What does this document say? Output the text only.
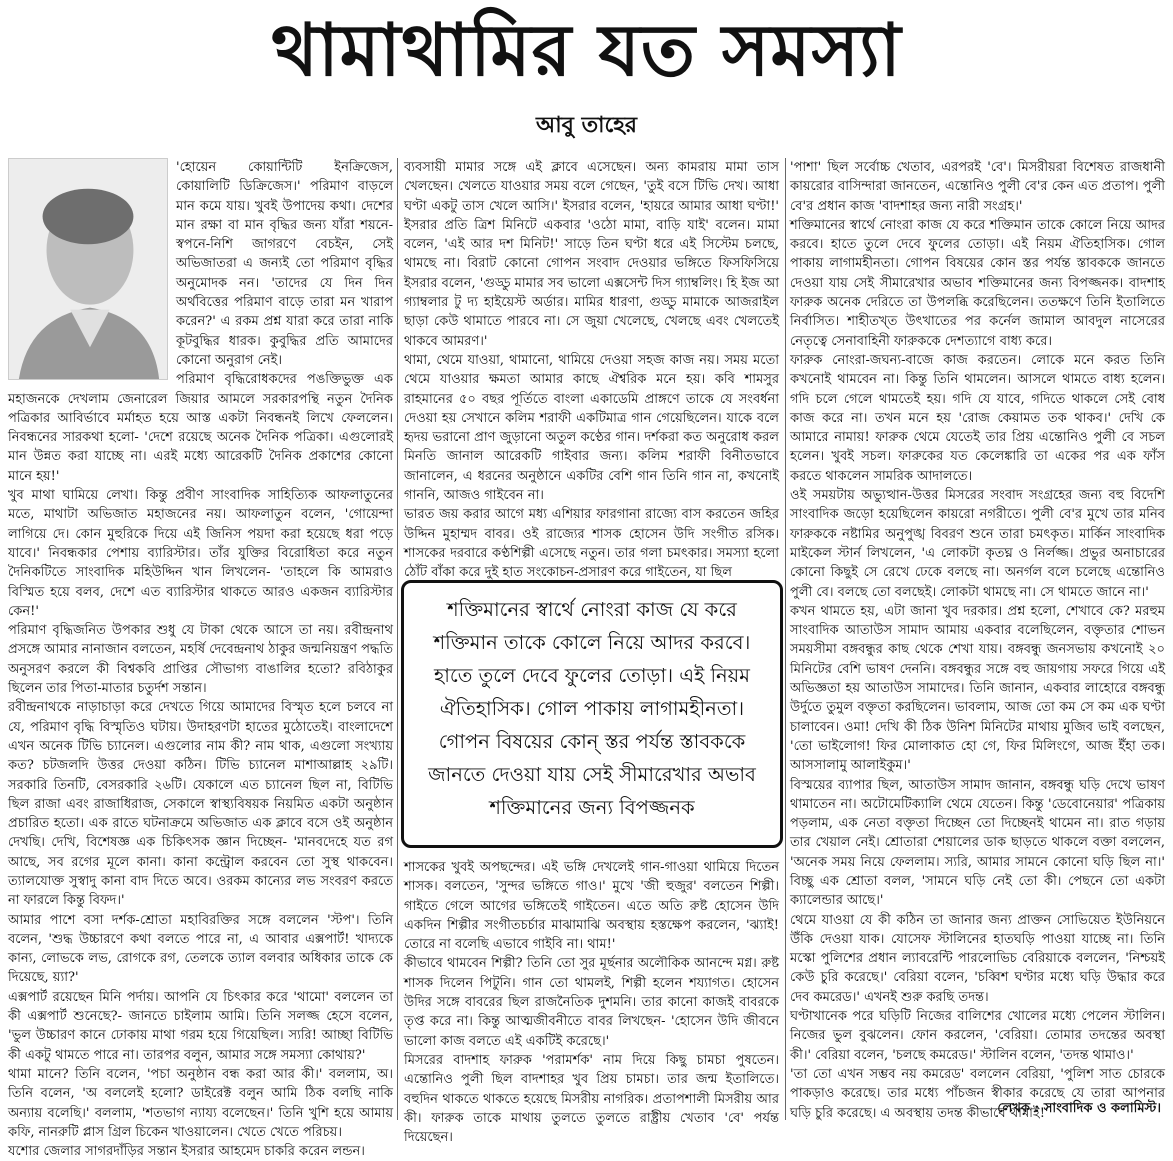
থামাথামির যত সমস্যা
আবু তাহের

'হোয়েন কোয়ান্টিটি ইনক্রিজেস, কোয়ালিটি ডিক্রিজেস।' পরিমাণ বাড়লে মান কমে যায়। খুবই উপাদেয় কথা। দেশের মান রক্ষা বা মান বৃদ্ধির জন্য যাঁরা শয়নে-স্বপনে-নিশি জাগরণে বেচইন, সেই অভিজাতরা এ জন্যই তো পরিমাণ বৃদ্ধির অনুমোদক নন। 'তাদের যে দিন দিন অর্থবিত্তের পরিমাণ বাড়ে তারা মন খারাপ করেন?' এ রকম প্রশ্ন যারা করে তারা নাকি কূটবুদ্ধির ধারক। কুবুদ্ধির প্রতি আমাদের কোনো অনুরাগ নেই।

পরিমাণ বৃদ্ধিরোধকদের পঙক্তিভুক্ত এক মহাজনকে দেখলাম জেনারেল জিয়ার আমলে সরকারপন্থি নতুন দৈনিক পত্রিকার আবির্ভাবে মর্মাহত হয়ে আস্ত একটা নিবন্ধনই লিখে ফেললেন। নিবন্ধনের সারকথা হলো- 'দেশে রয়েছে অনেক দৈনিক পত্রিকা। এগুলোরই মান উন্নত করা যাচ্ছে না। এরই মধ্যে আরেকটি দৈনিক প্রকাশের কোনো মানে হয়!'

খুব মাথা ঘামিয়ে লেখা। কিন্তু প্রবীণ সাংবাদিক সাহিত্যিক আফলাতুনের মতে, মাথাটা অভিজাত মহাজনের নয়। আফলাতুন বলেন, 'গোয়েন্দা লাগিয়ে দে। কোন মুহুরিকে দিয়ে এই জিনিস পয়দা করা হয়েছে ধরা পড়ে যাবে।' নিবন্ধকার পেশায় ব্যারিস্টার। তাঁর যুক্তির বিরোধিতা করে নতুন দৈনিকটিতে সাংবাদিক মহিউদ্দিন খান লিখলেন- 'তাহলে কি আমরাও বিস্মিত হয়ে বলব, দেশে এত ব্যারিস্টার থাকতে আরও একজন ব্যারিস্টার কেন!'

পরিমাণ বৃদ্ধিজনিত উপকার শুধু যে টাকা থেকে আসে তা নয়। রবীন্দ্রনাথ প্রসঙ্গে আমার নানাজান বলতেন, মহর্ষি দেবেন্দ্রনাথ ঠাকুর জন্মনিয়ন্ত্রণ পদ্ধতি অনুসরণ করলে কী বিশ্বকবি প্রাপ্তির সৌভাগ্য বাঙালির হতো? রবিঠাকুর ছিলেন তার পিতা-মাতার চতুর্দশ সন্তান।

রবীন্দ্রনাথকে নাড়াচাড়া করে দেখতে গিয়ে আমাদের বিস্মৃত হলে চলবে না যে, পরিমাণ বৃদ্ধি বিস্মৃতিও ঘটায়। উদাহরণটা হাতের মুঠোতেই। বাংলাদেশে এখন অনেক টিভি চ্যানেল। এগুলোর নাম কী? নাম থাক, এগুলো সংখ্যায় কত? চটজলদি উত্তর দেওয়া কঠিন। টিভি চ্যানেল মাশাআল্লাহ ২৯টি। সরকারি তিনটি, বেসরকারি ২৬টি। যেকালে এত চ্যানেল ছিল না, বিটিভি ছিল রাজা এবং রাজাধিরাজ, সেকালে স্বাস্থ্যবিষয়ক নিয়মিত একটা অনুষ্ঠান প্রচারিত হতো। এক রাতে ঘটনাক্রমে অভিজাত এক ক্লাবে বসে ওই অনুষ্ঠান দেখছি। দেখি, বিশেষজ্ঞ এক চিকিৎসক জ্ঞান দিচ্ছেন- 'মানবদেহে যত রগ আছে, সব রগের মূলে কানা। কানা কন্ট্রোল করবেন তো সুস্থ থাকবেন। ত্যালযোক্ত সুস্বাদু কানা বাদ দিতে অবে। ওরকম কান্যের লভ সংবরণ করতে না ফারলে কিন্তু বিফদ।'

আমার পাশে বসা দর্শক-শ্রোতা মহাবিরক্তির সঙ্গে বললেন 'স্টপ'। তিনি বলেন, 'শুদ্ধ উচ্চারণে কথা বলতে পারে না, এ আবার এক্সপার্ট! খাদ্যকে কান্য, লোভকে লভ, রোগকে রগ, তেলকে ত্যাল বলবার অধিকার তাকে কে দিয়েছে, য়্যা?'

এক্সপার্ট রয়েছেন মিনি পর্দায়। আপনি যে চিৎকার করে 'থামো' বললেন তা কী এক্সপার্ট শুনেছে?- জানতে চাইলাম আমি। তিনি সলজ্জ হেসে বলেন, 'ভুল উচ্চারণ কানে ঢোকায় মাথা গরম হয়ে গিয়েছিল। স্যরি! আচ্ছা বিটিভি কী একটু থামতে পারে না। তারপর বলুন, আমার সঙ্গে সমস্যা কোথায়?'

থামা মানে? তিনি বলেন, 'পচা অনুষ্ঠান বন্ধ করা আর কী।' বললাম, অ। তিনি বলেন, 'অ বললেই হলো? ডাইরেক্ট বলুন আমি ঠিক বলছি নাকি অন্যায় বলেছি।' বললাম, 'শতভাগ ন্যায্য বলেছেন।' তিনি খুশি হয়ে আমায় কফি, নানরুটি প্লাস গ্রিল চিকেন খাওয়ালেন। খেতে খেতে পরিচয়।

যশোর জেলার সাগরদাঁড়ির সন্তান ইসরার আহমেদ চাকরি করেন লন্ডন।

ব্যবসায়ী মামার সঙ্গে এই ক্লাবে এসেছেন। অন্য কামরায় মামা তাস খেলছেন। খেলতে যাওয়ার সময় বলে গেছেন, 'তুই বসে টিভি দেখ। আধা ঘণ্টা একটু তাস খেলে আসি।' ইসরার বলেন, 'হায়রে আমার আধা ঘণ্টা!' ইসরার প্রতি ত্রিশ মিনিটে একবার 'ওঠো মামা, বাড়ি যাই' বলেন। মামা বলেন, 'এই আর দশ মিনিট!' সাড়ে তিন ঘণ্টা ধরে এই সিস্টেম চলছে, থামছে না। বিরাট কোনো গোপন সংবাদ দেওয়ার ভঙ্গিতে ফিসফিসিয়ে ইসরার বলেন, 'গুড্ডু মামার সব ভালো এক্সসেন্ট দিস গ্যাম্বলিং। হি ইজ আ গ্যাম্বলার টু দ্য হাইয়েস্ট অর্ডার। মামির ধারণা, গুড্ডু মামাকে আজরাইল ছাড়া কেউ থামাতে পারবে না। সে জুয়া খেলেছে, খেলছে এবং খেলতেই থাকবে আমরণ।'

থামা, থেমে যাওয়া, থামানো, থামিয়ে দেওয়া সহজ কাজ নয়। সময় মতো থেমে যাওয়ার ক্ষমতা আমার কাছে ঐশ্বরিক মনে হয়। কবি শামসুর রাহমানের ৫০ বছর পূর্তিতে বাংলা একাডেমি প্রাঙ্গণে তাকে যে সংবর্ধনা দেওয়া হয় সেখানে কলিম শরাফী একটিমাত্র গান গেয়েছিলেন। যাকে বলে হৃদয় ভরানো প্রাণ জুড়ানো অতুল কণ্ঠের গান। দর্শকরা কত অনুরোধ করল মিনতি জানাল আরেকটি গাইবার জন্য। কলিম শরাফী বিনীতভাবে জানালেন, এ ধরনের অনুষ্ঠানে একটির বেশি গান তিনি গান না, কখনোই গাননি, আজও গাইবেন না।

ভারত জয় করার আগে মধ্য এশিয়ার ফারগানা রাজ্যে বাস করতেন জহির উদ্দিন মুহাম্মদ বাবর। ওই রাজ্যের শাসক হোসেন উদি সংগীত রসিক। শাসকের দরবারে কণ্ঠশিল্পী এসেছে নতুন। তার গলা চমৎকার। সমস্যা হলো ঠোঁট বাঁকা করে দুই হাত সংকোচন-প্রসারণ করে গাইতেন, যা ছিল

শাসকের খুবই অপছন্দের। এই ভঙ্গি দেখলেই গান-গাওয়া থামিয়ে দিতেন শাসক। বলতেন, 'সুন্দর ভঙ্গিতে গাও।' মুখে 'জী হুজুর' বলতেন শিল্পী। গাইতে গেলে আগের ভঙ্গিতেই গাইতেন। এতে অতি রুষ্ট হোসেন উদি একদিন শিল্পীর সংগীতচর্চার মাঝামাঝি অবস্থায় হস্তক্ষেপ করলেন, 'ঝ্যাই! তোরে না বলেছি এভাবে গাইবি না। থাম!'

কীভাবে থামবেন শিল্পী? তিনি তো সুর মূর্ছনার অলৌকিক আনন্দে মগ্ন। রুষ্ট শাসক দিলেন পিটুনি। গান তো থামলই, শিল্পী হলেন শয্যাগত। হোসেন উদির সঙ্গে বাবরের ছিল রাজনৈতিক দুশমনি। তার কানো কাজই বাবরকে তৃপ্ত করে না। কিন্তু আত্মজীবনীতে বাবর লিখছেন- 'হোসেন উদি জীবনে ভালো কাজ বলতে এই একটিই করেছে।'

মিসরের বাদশাহ ফারুক 'পরামর্শক' নাম দিয়ে কিছু চামচা পুষতেন। এন্তোনিও পুলী ছিল বাদশাহর খুব প্রিয় চামচা। তার জন্ম ইতালিতে। বহুদিন থাকতে থাকতে হয়েছে মিসরীয় নাগরিক। প্রতাপশালী মিসরীয় আর কী। ফারুক তাকে মাথায় তুলতে তুলতে রাষ্ট্রীয় খেতাব 'বে' পর্যন্ত দিয়েছেন।

শক্তিমানের স্বার্থে নোংরা কাজ যে করে শক্তিমান তাকে কোলে নিয়ে আদর করবে। হাতে তুলে দেবে ফুলের তোড়া। এই নিয়ম ঐতিহাসিক। গোল পাকায় লাগামহীনতা। গোপন বিষয়ের কোন্ স্তর পর্যন্ত স্তাবককে জানতে দেওয়া যায় সেই সীমারেখার অভাব শক্তিমানের জন্য বিপজ্জনক

'পাশা' ছিল সর্বোচ্চ খেতাব, এরপরই 'বে'। মিসরীয়রা বিশেষত রাজধানী কায়রোর বাসিন্দারা জানতেন, এন্তোনিও পুলী বে'র কেন এত প্রতাপ। পুলী বে'র প্রধান কাজ 'বাদশাহর জন্য নারী সংগ্রহ।'

শক্তিমানের স্বার্থে নোংরা কাজ যে করে শক্তিমান তাকে কোলে নিয়ে আদর করবে। হাতে তুলে দেবে ফুলের তোড়া। এই নিয়ম ঐতিহাসিক। গোল পাকায় লাগামহীনতা। গোপন বিষয়ের কোন স্তর পর্যন্ত স্তাবককে জানতে দেওয়া যায় সেই সীমারেখার অভাব শক্তিমানের জন্য বিপজ্জনক। বাদশাহ ফারুক অনেক দেরিতে তা উপলব্ধি করেছিলেন। ততক্ষণে তিনি ইতালিতে নির্বাসিত। শাহীতখ্ত উৎখাতের পর কর্নেল জামাল আবদুল নাসেরের নেতৃত্বে সেনাবাহিনী ফারুককে দেশত্যাগে বাধ্য করে।

ফারুক নোংরা-জঘন্য-বাজে কাজ করতেন। লোকে মনে করত তিনি কখনোই থামবেন না। কিন্তু তিনি থামলেন। আসলে থামতে বাধ্য হলেন। গদি চলে গেলে থামতেই হয়। গদি যে যাবে, গদিতে থাকলে সেই বোধ কাজ করে না। তখন মনে হয় 'রোজ কেয়ামত তক থাকব।' দেখি কে আমারে নামায়! ফারুক থেমে যেতেই তার প্রিয় এন্তোনিও পুলী বে সচল হলেন। খুবই সচল। ফারুকের যত কেলেঙ্কারি তা একের পর এক ফাঁস করতে থাকলেন সামরিক আদালতে।

ওই সময়টায় অভ্যুত্থান-উত্তর মিসরের সংবাদ সংগ্রহের জন্য বহু বিদেশি সাংবাদিক জড়ো হয়েছিলেন কায়রো নগরীতে। পুলী বে'র মুখে তার মনিব ফারুককে নষ্টামির অনুপুঙ্খ বিবরণ শুনে তারা চমৎকৃত। মার্কিন সাংবাদিক মাইকেল স্টার্ন লিখলেন, 'এ লোকটা কৃতঘ্ন ও নির্লজ্জ। প্রভুর অনাচারের কোনো কিছুই সে রেখে ঢেকে বলছে না। অনর্গল বলে চলেছে এন্তোনিও পুলী বে। বলছে তো বলছেই। লোকটা থামছে না। সে থামতে জানে না।'

কখন থামতে হয়, এটা জানা খুব দরকার। প্রশ্ন হলো, শেখাবে কে? মরহুম সাংবাদিক আতাউস সামাদ আমায় একবার বলেছিলেন, বক্তৃতার শোভন সময়সীমা বঙ্গবন্ধুর কাছ থেকে শেখা যায়। বঙ্গবন্ধু জনসভায় কখনোই ২০ মিনিটের বেশি ভাষণ দেননি। বঙ্গবন্ধুর সঙ্গে বহু জায়গায় সফরে গিয়ে এই অভিজ্ঞতা হয় আতাউস সামাদের। তিনি জানান, একবার লাহোরে বঙ্গবন্ধু উর্দুতে তুমুল বক্তৃতা করছিলেন। ভাবলাম, আজ তো কম সে কম এক ঘণ্টা চালাবেন। ওমা! দেখি কী ঠিক উনিশ মিনিটের মাথায় মুজিব ভাই বলছেন, 'তো ভাইলোগ! ফির মোলাকাত হো গে, ফির মিলিংগে, আজ ইঁহা তক। আসসালামু আলাইকুম।'

বিস্ময়ের ব্যাপার ছিল, আতাউস সামাদ জানান, বঙ্গবন্ধু ঘড়ি দেখে ভাষণ থামাতেন না। অটোমেটিক্যালি থেমে যেতেন। কিন্তু 'ডেবোনেয়ার' পত্রিকায় পড়লাম, এক নেতা বক্তৃতা দিচ্ছেন তো দিচ্ছেনই থামেন না। রাত গড়ায় তার খেয়াল নেই। শ্রোতারা শেয়ালের ডাক ছাড়তে থাকলে বক্তা বললেন, 'অনেক সময় নিয়ে ফেললাম। স্যরি, আমার সামনে কোনো ঘড়ি ছিল না।' বিচ্ছু এক শ্রোতা বলল, 'সামনে ঘড়ি নেই তো কী। পেছনে তো একটা ক্যালেন্ডার আছে।'

থেমে যাওয়া যে কী কঠিন তা জানার জন্য প্রাক্তন সোভিয়েত ইউনিয়নে উঁকি দেওয়া যাক। যোসেফ স্টালিনের হাতঘড়ি পাওয়া যাচ্ছে না। তিনি মস্কো পুলিশের প্রধান ল্যাবরেন্টি পারলোভিচ বেরিয়াকে বললেন, 'নিশ্চয়ই কেউ চুরি করেছে।' বেরিয়া বলেন, 'চব্বিশ ঘণ্টার মধ্যে ঘড়ি উদ্ধার করে দেব কমরেড।' এখনই শুরু করছি তদন্ত।

ঘণ্টাখানেক পরে ঘড়িটি নিজের বালিশের খোলের মধ্যে পেলেন স্টালিন। নিজের ভুল বুঝলেন। ফোন করলেন, 'বেরিয়া। তোমার তদন্তের অবস্থা কী।' বেরিয়া বলেন, 'চলছে কমরেড।' স্টালিন বলেন, 'তদন্ত থামাও।'

'তা তো এখন সম্ভব নয় কমরেড' বললেন বেরিয়া, 'পুলিশ সাত চোরকে পাকড়াও করেছে। তার মধ্যে পাঁচজন স্বীকার করেছে যে তারা আপনার ঘড়ি চুরি করেছে। এ অবস্থায় তদন্ত কীভাবে থামাই!'

লেখক : সাংবাদিক ও কলামিস্ট।
